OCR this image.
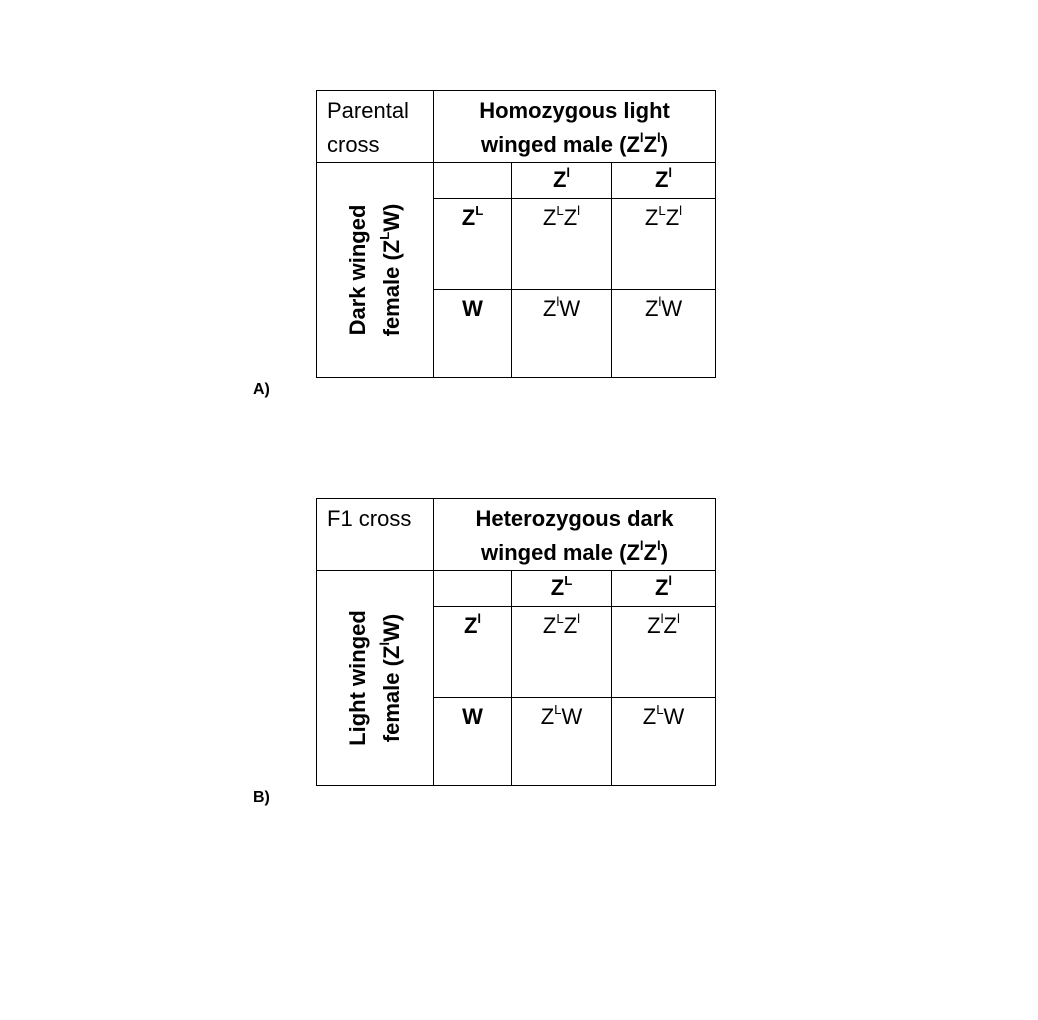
Parental
cross	Homozygous light
winged male $(Z^lZ^l)$		

Dark winged female $(Z^LW)$		$Z^l$	$Z^l$
	$Z^L$	$Z^LZ^l$	$Z^LZ^l$
	W	$Z^lW$	$Z^lW$
A)
F1 cross	Heterozygous dark
winged male $(Z^lZ^l)$		

Light winged female $(Z^lW)$		$Z^L$	$Z^l$
	$Z^l$	$Z^LZ^l$	$Z^lZ^l$
	W	$Z^LW$	$Z^LW$
B)
